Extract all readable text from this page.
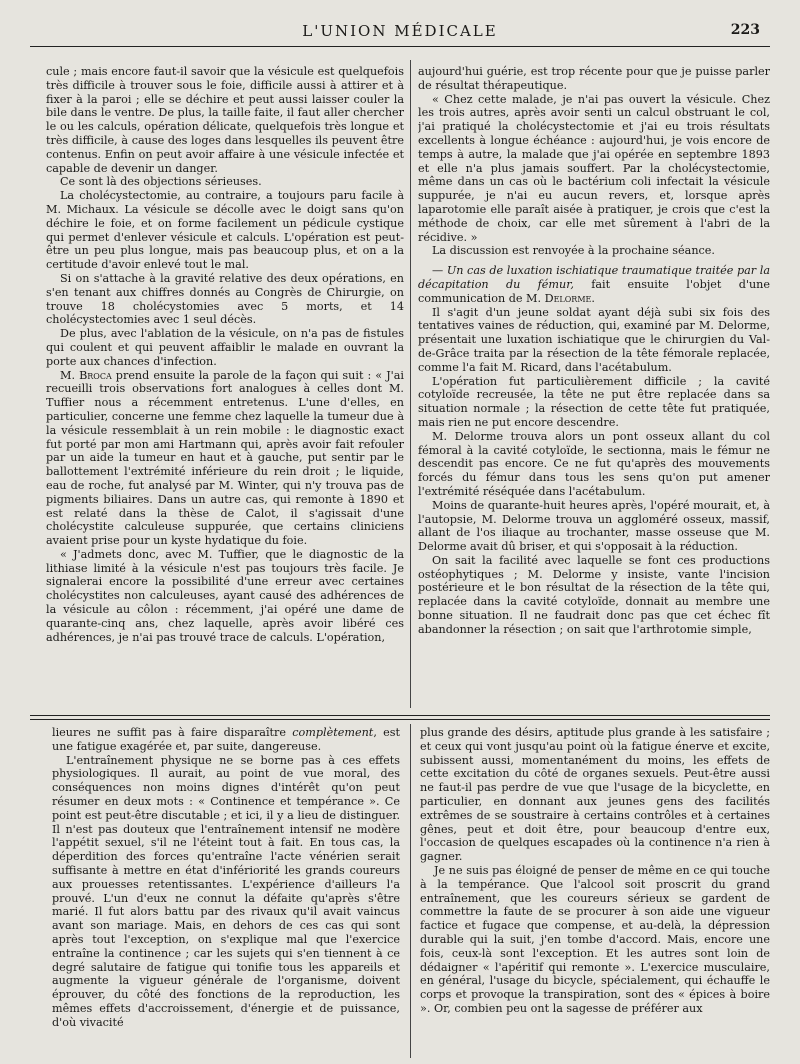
L'UNION MÉDICALE	223

cule ; mais encore faut-il savoir que la vésicule est quelquefois très difficile à trouver sous le foie, difficile aussi à attirer et à fixer à la paroi ; elle se déchire et peut aussi laisser couler la bile dans le ventre. De plus, la taille faite, il faut aller chercher le ou les calculs, opération délicate, quelquefois très longue et très difficile, à cause des loges dans lesquelles ils peuvent être contenus. Enfin on peut avoir affaire à une vésicule infectée et capable de devenir un danger.

Ce sont là des objections sérieuses.

La cholécystectomie, au contraire, a toujours paru facile à M. Michaux. La vésicule se décolle avec le doigt sans qu'on déchire le foie, et on forme facilement un pédicule cystique qui permet d'enlever vésicule et calculs. L'opération est peut-être un peu plus longue, mais pas beaucoup plus, et on a la certitude d'avoir enlevé tout le mal.

Si on s'attache à la gravité relative des deux opérations, en s'en tenant aux chiffres donnés au Congrès de Chirurgie, on trouve 18 cholécystomies avec 5 morts, et 14 cholécystectomies avec 1 seul décès.

De plus, avec l'ablation de la vésicule, on n'a pas de fistules qui coulent et qui peuvent affaiblir le malade en ouvrant la porte aux chances d'infection.

M. Broca prend ensuite la parole de la façon qui suit : « J'ai recueilli trois observations fort analogues à celles dont M. Tuffier nous a récemment entretenus. L'une d'elles, en particulier, concerne une femme chez laquelle la tumeur due à la vésicule ressemblait à un rein mobile : le diagnostic exact fut porté par mon ami Hartmann qui, après avoir fait refouler par un aide la tumeur en haut et à gauche, put sentir par le ballottement l'extrémité inférieure du rein droit ; le liquide, eau de roche, fut analysé par M. Winter, qui n'y trouva pas de pigments biliaires. Dans un autre cas, qui remonte à 1890 et est relaté dans la thèse de Calot, il s'agissait d'une cholécystite calculeuse suppurée, que certains cliniciens avaient prise pour un kyste hydatique du foie.

« J'admets donc, avec M. Tuffier, que le diagnostic de la lithiase limité à la vésicule n'est pas toujours très facile. Je signalerai encore la possibilité d'une erreur avec certaines cholécystites non calculeuses, ayant causé des adhérences de la vésicule au côlon : récemment, j'ai opéré une dame de quarante-cinq ans, chez laquelle, après avoir libéré ces adhérences, je n'ai pas trouvé trace de calculs. L'opération,

aujourd'hui guérie, est trop récente pour que je puisse parler de résultat thérapeutique.

« Chez cette malade, je n'ai pas ouvert la vésicule. Chez les trois autres, après avoir senti un calcul obstruant le col, j'ai pratiqué la cholécystectomie et j'ai eu trois résultats excellents à longue échéance : aujourd'hui, je vois encore de temps à autre, la malade que j'ai opérée en septembre 1893 et elle n'a plus jamais souffert. Par la cholécystectomie, même dans un cas où le bactérium coli infectait la vésicule suppurée, je n'ai eu aucun revers, et, lorsque après laparotomie elle paraît aisée à pratiquer, je crois que c'est la méthode de choix, car elle met sûrement à l'abri de la récidive. »

La discussion est renvoyée à la prochaine séance.

— Un cas de luxation ischiatique traumatique traitée par la décapitation du fémur, fait ensuite l'objet d'une communication de M. Delorme.

Il s'agit d'un jeune soldat ayant déjà subi six fois des tentatives vaines de réduction, qui, examiné par M. Delorme, présentait une luxation ischiatique que le chirurgien du Val-de-Grâce traita par la résection de la tête fémorale replacée, comme l'a fait M. Ricard, dans l'acétabulum.

L'opération fut particulièrement difficile ; la cavité cotyloïde recreusée, la tête ne put être replacée dans sa situation normale ; la résection de cette tête fut pratiquée, mais rien ne put encore descendre.

M. Delorme trouva alors un pont osseux allant du col fémoral à la cavité cotyloïde, le sectionna, mais le fémur ne descendit pas encore. Ce ne fut qu'après des mouvements forcés du fémur dans tous les sens qu'on put amener l'extrémité réséquée dans l'acétabulum.

Moins de quarante-huit heures après, l'opéré mourait, et, à l'autopsie, M. Delorme trouva un aggloméré osseux, massif, allant de l'os iliaque au trochanter, masse osseuse que M. Delorme avait dû briser, et qui s'opposait à la réduction.

On sait la facilité avec laquelle se font ces productions ostéophytiques ; M. Delorme y insiste, vante l'incision postérieure et le bon résultat de la résection de la tête qui, replacée dans la cavité cotyloïde, donnait au membre une bonne situation. Il ne faudrait donc pas que cet échec fît abandonner la résection ; on sait que l'arthrotomie simple,

lieures ne suffit pas à faire disparaître complètement, est une fatigue exagérée et, par suite, dangereuse.

L'entraînement physique ne se borne pas à ces effets physiologiques. Il aurait, au point de vue moral, des conséquences non moins dignes d'intérêt qu'on peut résumer en deux mots : « Continence et tempérance ». Ce point est peut-être discutable ; et ici, il y a lieu de distinguer. Il n'est pas douteux que l'entraînement intensif ne modère l'appétit sexuel, s'il ne l'éteint tout à fait. En tous cas, la déperdition des forces qu'entraîne l'acte vénérien serait suffisante à mettre en état d'infériorité les grands coureurs aux prouesses retentissantes. L'expérience d'ailleurs l'a prouvé. L'un d'eux ne connut la défaite qu'après s'être marié. Il fut alors battu par des rivaux qu'il avait vaincus avant son mariage. Mais, en dehors de ces cas qui sont après tout l'exception, on s'explique mal que l'exercice entraîne la continence ; car les sujets qui s'en tiennent à ce degré salutaire de fatigue qui tonifie tous les appareils et augmente la vigueur générale de l'organisme, doivent éprouver, du côté des fonctions de la reproduction, les mêmes effets d'accroissement, d'énergie et de puissance, d'où vivacité

plus grande des désirs, aptitude plus grande à les satisfaire ; et ceux qui vont jusqu'au point où la fatigue énerve et excite, subissent aussi, momentanément du moins, les effets de cette excitation du côté de organes sexuels. Peut-être aussi ne faut-il pas perdre de vue que l'usage de la bicyclette, en particulier, en donnant aux jeunes gens des facilités extrêmes de se soustraire à certains contrôles et à certaines gênes, peut et doit être, pour beaucoup d'entre eux, l'occasion de quelques escapades où la continence n'a rien à gagner.

Je ne suis pas éloigné de penser de même en ce qui touche à la tempérance. Que l'alcool soit proscrit du grand entraînement, que les coureurs sérieux se gardent de commettre la faute de se procurer à son aide une vigueur factice et fugace que compense, et au-delà, la dépression durable qui la suit, j'en tombe d'accord. Mais, encore une fois, ceux-là sont l'exception. Et les autres sont loin de dédaigner « l'apéritif qui remonte ». L'exercice musculaire, en général, l'usage du bicycle, spécialement, qui échauffe le corps et provoque la transpiration, sont des « épices à boire ». Or, combien peu ont la sagesse de préférer aux
